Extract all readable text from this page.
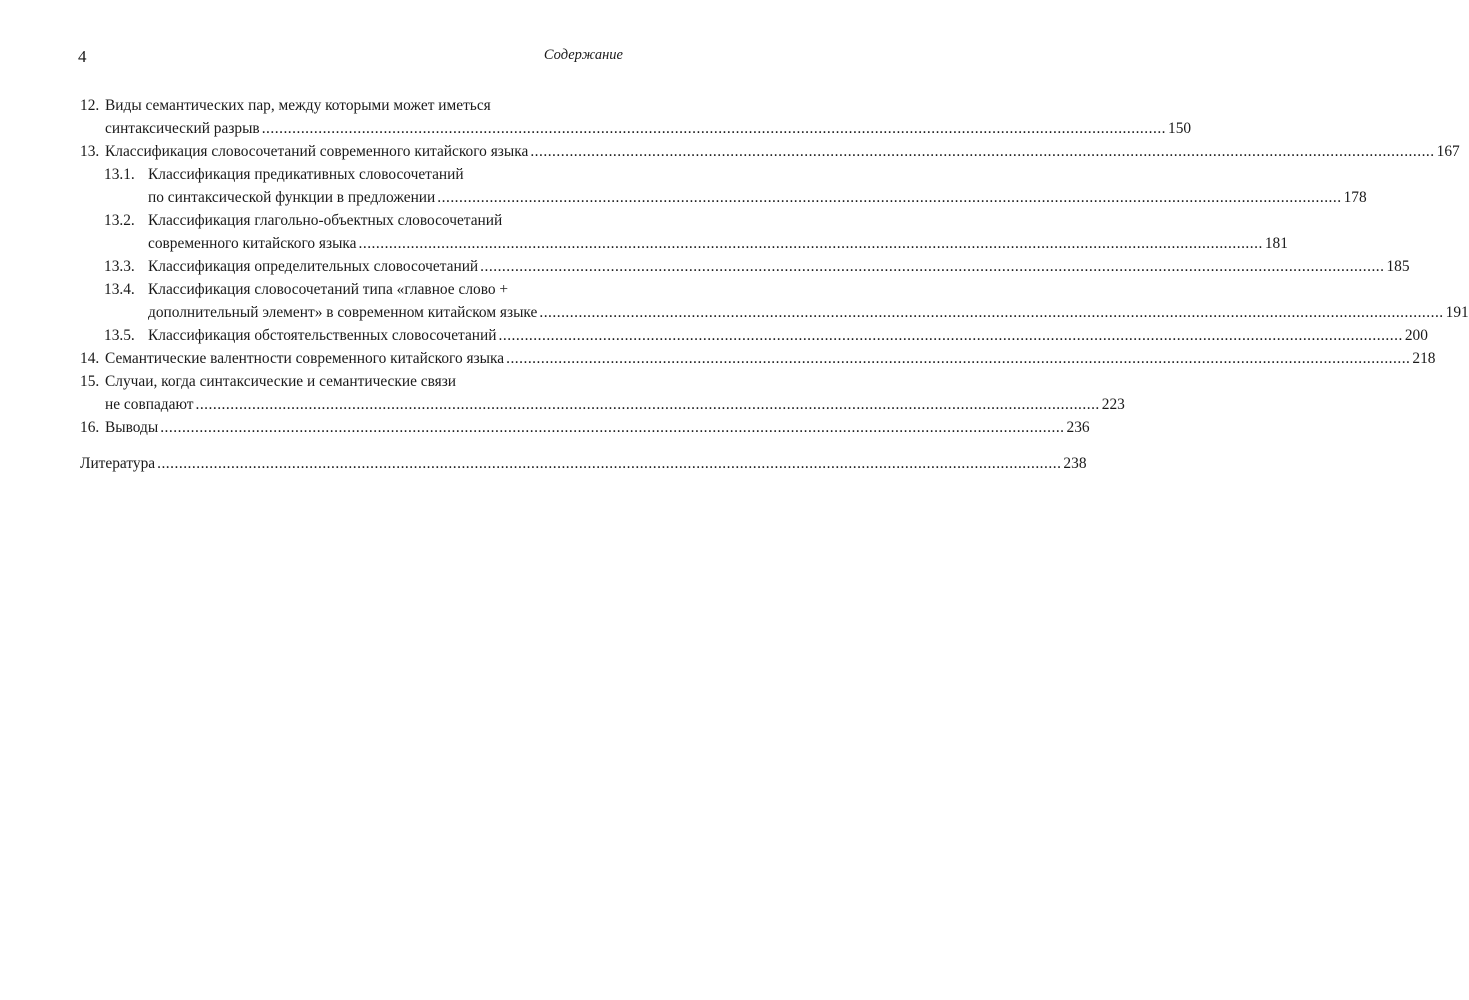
4	Содержание
12. Виды семантических пар, между которыми может иметься
синтаксический разрыв .....	150
13. Классификация словосочетаний современного китайского языка .....	167
13.1. Классификация предикативных словосочетаний
по синтаксической функции в предложении .....	178
13.2. Классификация глагольно-объектных словосочетаний
современного китайского языка .....	181
13.3. Классификация определительных словосочетаний .....	185
13.4. Классификация словосочетаний типа «главное слово +
дополнительный элемент» в современном китайском языке .....	191
13.5. Классификация обстоятельственных словосочетаний .....	200
14. Семантические валентности современного китайского языка .....	218
15. Случаи, когда синтаксические и семантические связи
не совпадают .....	223
16. Выводы .....	236
Литература .....	238
